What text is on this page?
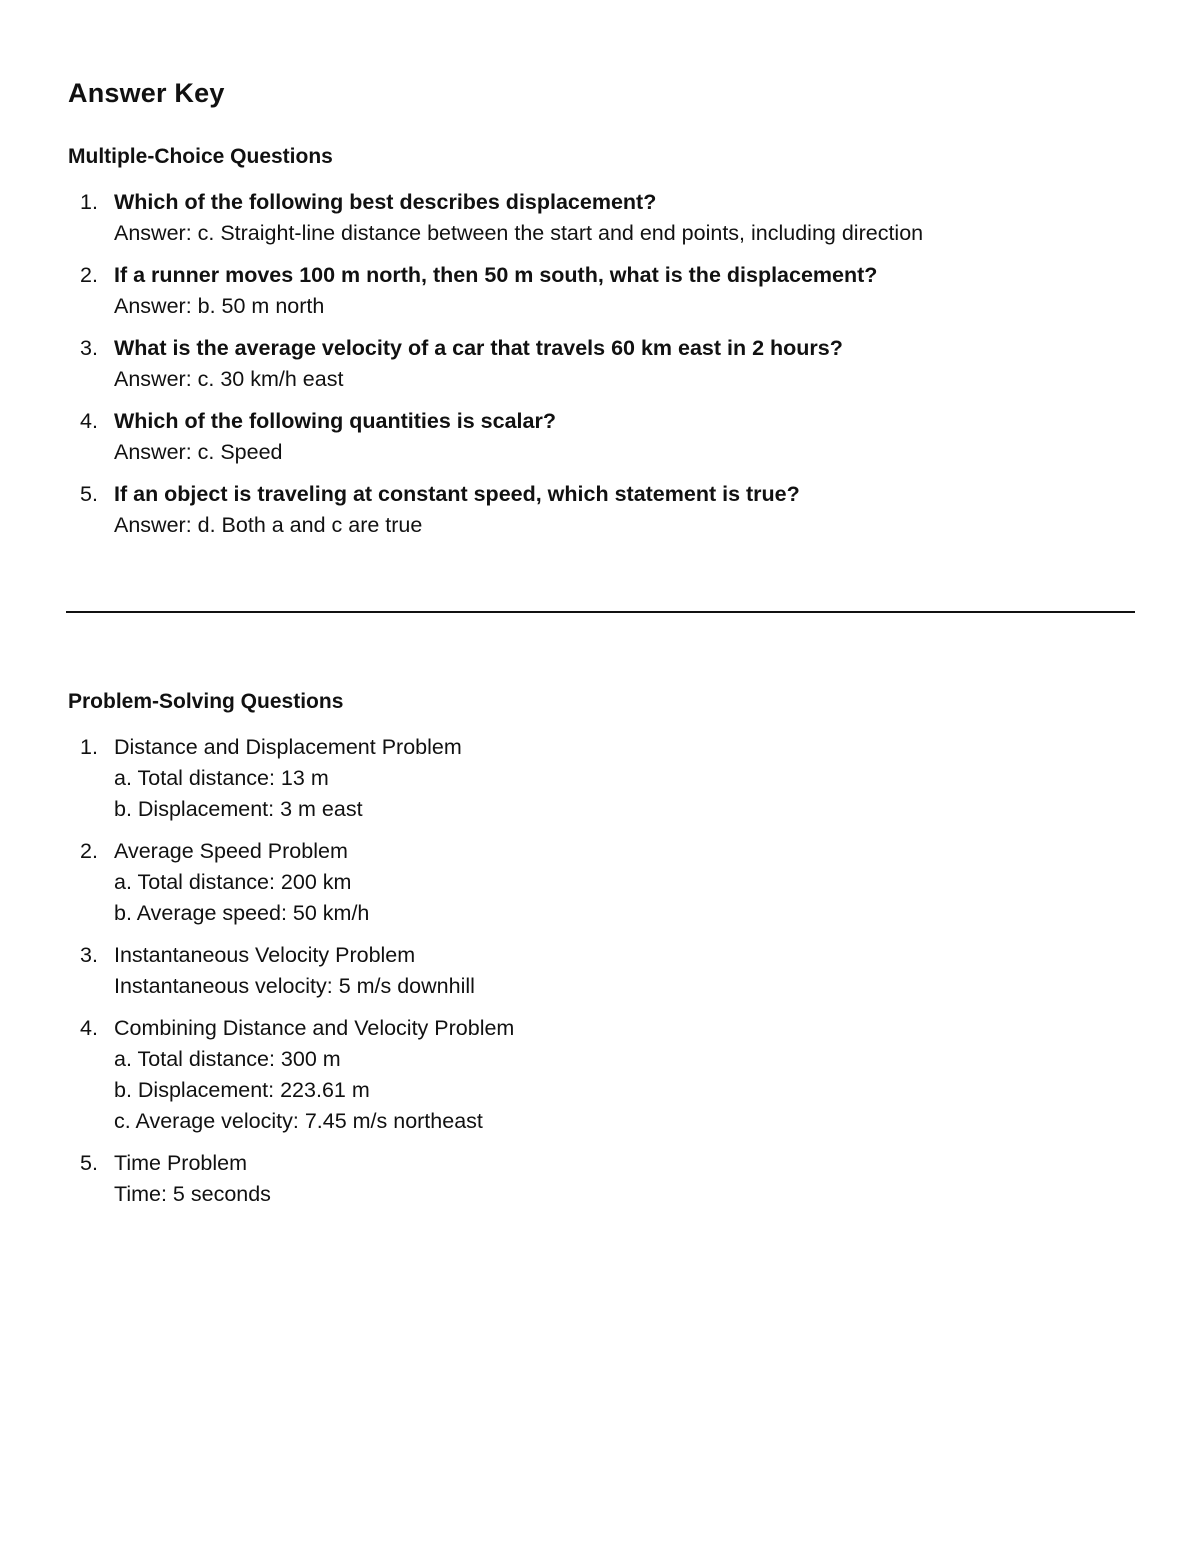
Answer Key
Multiple-Choice Questions
1. Which of the following best describes displacement?
Answer: c. Straight-line distance between the start and end points, including direction
2. If a runner moves 100 m north, then 50 m south, what is the displacement?
Answer: b. 50 m north
3. What is the average velocity of a car that travels 60 km east in 2 hours?
Answer: c. 30 km/h east
4. Which of the following quantities is scalar?
Answer: c. Speed
5. If an object is traveling at constant speed, which statement is true?
Answer: d. Both a and c are true
Problem-Solving Questions
1. Distance and Displacement Problem
a. Total distance: 13 m
b. Displacement: 3 m east
2. Average Speed Problem
a. Total distance: 200 km
b. Average speed: 50 km/h
3. Instantaneous Velocity Problem
Instantaneous velocity: 5 m/s downhill
4. Combining Distance and Velocity Problem
a. Total distance: 300 m
b. Displacement: 223.61 m
c. Average velocity: 7.45 m/s northeast
5. Time Problem
Time: 5 seconds
